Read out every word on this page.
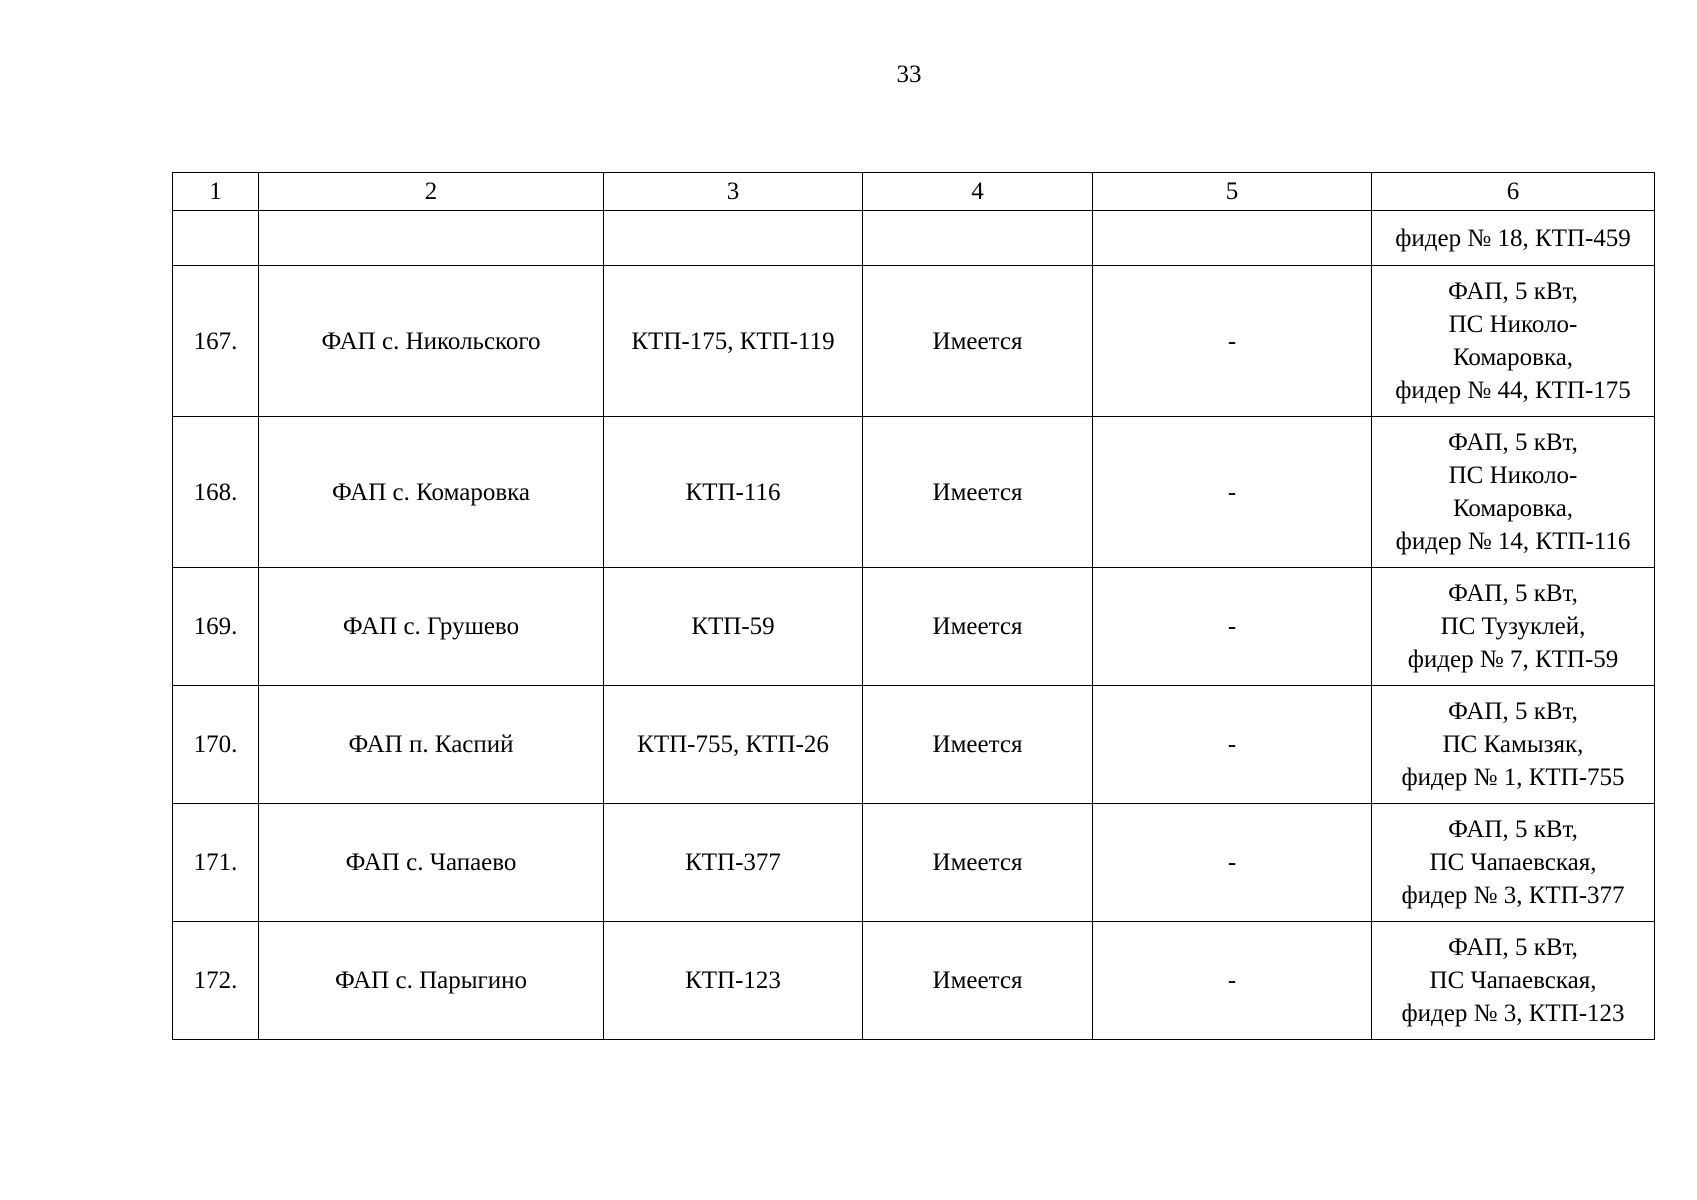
33
1	2	3	4	5	6
					фидер № 18, КТП-459
167.	ФАП с. Никольского	КТП-175, КТП-119	Имеется	-	ФАП, 5 кВт,
ПС Николо-
Комаровка,
фидер № 44, КТП-175
168.	ФАП с. Комаровка	КТП-116	Имеется	-	ФАП, 5 кВт,
ПС Николо-
Комаровка,
фидер № 14, КТП-116
169.	ФАП с. Грушево	КТП-59	Имеется	-	ФАП, 5 кВт,
ПС Тузуклей,
фидер № 7, КТП-59
170.	ФАП п. Каспий	КТП-755, КТП-26	Имеется	-	ФАП, 5 кВт,
ПС Камызяк,
фидер № 1, КТП-755
171.	ФАП с. Чапаево	КТП-377	Имеется	-	ФАП, 5 кВт,
ПС Чапаевская,
фидер № 3, КТП-377
172.	ФАП с. Парыгино	КТП-123	Имеется	-	ФАП, 5 кВт,
ПС Чапаевская,
фидер № 3, КТП-123
